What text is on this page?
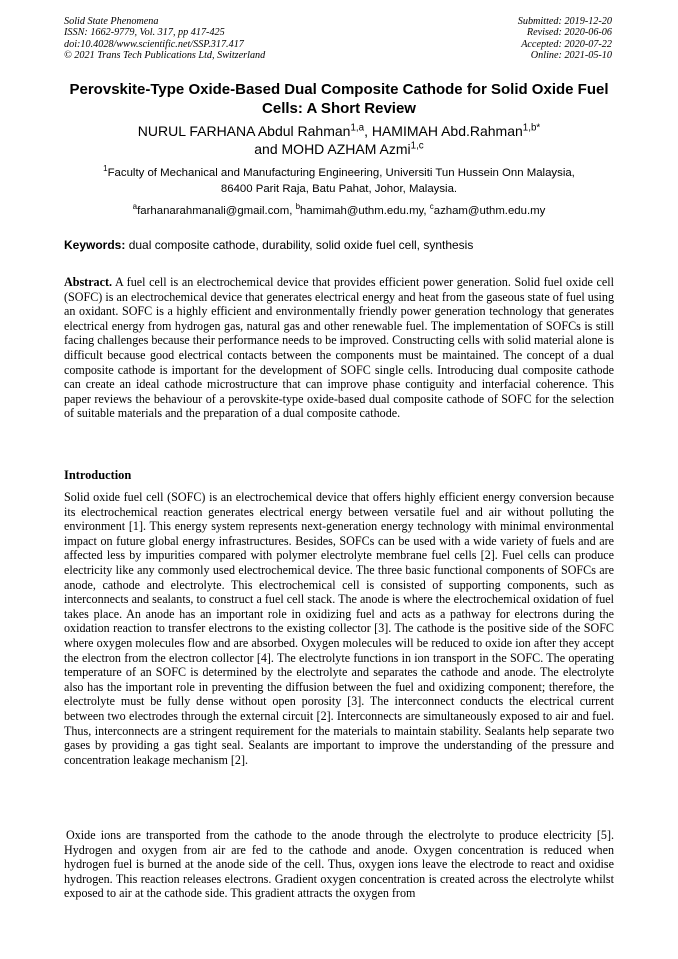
Solid State Phenomena
ISSN: 1662-9779, Vol. 317, pp 417-425
doi:10.4028/www.scientific.net/SSP.317.417
© 2021 Trans Tech Publications Ltd, Switzerland
Submitted: 2019-12-20
Revised: 2020-06-06
Accepted: 2020-07-22
Online: 2021-05-10
Perovskite-Type Oxide-Based Dual Composite Cathode for Solid Oxide Fuel Cells: A Short Review
NURUL FARHANA Abdul Rahman$^{1,a}$, HAMIMAH Abd.Rahman$^{1,b*}$
and MOHD AZHAM Azmi$^{1,c}$
$^1$Faculty of Mechanical and Manufacturing Engineering, Universiti Tun Hussein Onn Malaysia,
86400 Parit Raja, Batu Pahat, Johor, Malaysia.
$^a$farhanarahmanali@gmail.com, $^b$hamimah@uthm.edu.my, $^c$azham@uthm.edu.my
Keywords: dual composite cathode, durability, solid oxide fuel cell, synthesis
Abstract. A fuel cell is an electrochemical device that provides efficient power generation. Solid fuel oxide cell (SOFC) is an electrochemical device that generates electrical energy and heat from the gaseous state of fuel using an oxidant. SOFC is a highly efficient and environmentally friendly power generation technology that generates electrical energy from hydrogen gas, natural gas and other renewable fuel. The implementation of SOFCs is still facing challenges because their performance needs to be improved. Constructing cells with solid material alone is difficult because good electrical contacts between the components must be maintained. The concept of a dual composite cathode is important for the development of SOFC single cells. Introducing dual composite cathode can create an ideal cathode microstructure that can improve phase contiguity and interfacial coherence. This paper reviews the behaviour of a perovskite-type oxide-based dual composite cathode of SOFC for the selection of suitable materials and the preparation of a dual composite cathode.
Introduction
Solid oxide fuel cell (SOFC) is an electrochemical device that offers highly efficient energy conversion because its electrochemical reaction generates electrical energy between versatile fuel and air without polluting the environment [1]. This energy system represents next-generation energy technology with minimal environmental impact on future global energy infrastructures. Besides, SOFCs can be used with a wide variety of fuels and are affected less by impurities compared with polymer electrolyte membrane fuel cells [2]. Fuel cells can produce electricity like any commonly used electrochemical device. The three basic functional components of SOFCs are anode, cathode and electrolyte. This electrochemical cell is consisted of supporting components, such as interconnects and sealants, to construct a fuel cell stack. The anode is where the electrochemical oxidation of fuel takes place. An anode has an important role in oxidizing fuel and acts as a pathway for electrons during the oxidation reaction to transfer electrons to the existing collector [3]. The cathode is the positive side of the SOFC where oxygen molecules flow and are absorbed. Oxygen molecules will be reduced to oxide ion after they accept the electron from the electron collector [4]. The electrolyte functions in ion transport in the SOFC. The operating temperature of an SOFC is determined by the electrolyte and separates the cathode and anode. The electrolyte also has the important role in preventing the diffusion between the fuel and oxidizing component; therefore, the electrolyte must be fully dense without open porosity [3]. The interconnect conducts the electrical current between two electrodes through the external circuit [2]. Interconnects are simultaneously exposed to air and fuel. Thus, interconnects are a stringent requirement for the materials to maintain stability. Sealants help separate two gases by providing a gas tight seal. Sealants are important to improve the understanding of the pressure and concentration leakage mechanism [2].
Oxide ions are transported from the cathode to the anode through the electrolyte to produce electricity [5]. Hydrogen and oxygen from air are fed to the cathode and anode. Oxygen concentration is reduced when hydrogen fuel is burned at the anode side of the cell. Thus, oxygen ions leave the electrode to react and oxidise hydrogen. This reaction releases electrons. Gradient oxygen concentration is created across the electrolyte whilst exposed to air at the cathode side. This gradient attracts the oxygen from
